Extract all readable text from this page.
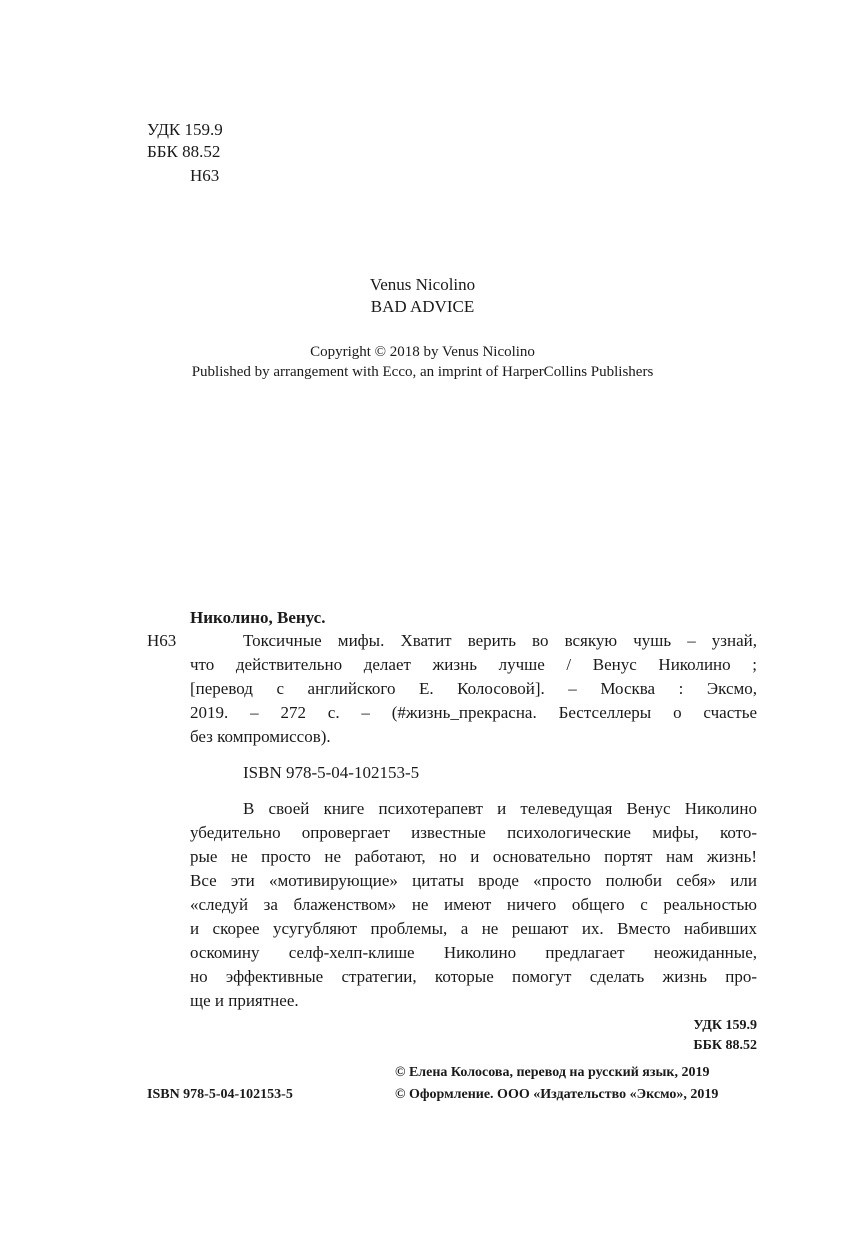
УДК 159.9
ББК 88.52
Н63
Venus Nicolino
BAD ADVICE
Copyright © 2018 by Venus Nicolino
Published by arrangement with Ecco, an imprint of HarperCollins Publishers
Николино, Венус.
Н63	Токсичные мифы. Хватит верить во всякую чушь – узнай,
что действительно делает жизнь лучше / Венус Николино ;
[перевод с английского Е. Колосовой]. – Москва : Эксмо,
2019. – 272 с. – (#жизнь_прекрасна. Бестселлеры о счастье
без компромиссов).
ISBN 978-5-04-102153-5
В своей книге психотерапевт и телеведущая Венус Николино
убедительно опровергает известные психологические мифы, кото-
рые не просто не работают, но и основательно портят нам жизнь!
Все эти «мотивирующие» цитаты вроде «просто полюби себя» или
«следуй за блаженством» не имеют ничего общего с реальностью
и скорее усугубляют проблемы, а не решают их. Вместо набивших
оскомину селф-хелп-клише Николино предлагает неожиданные,
но эффективные стратегии, которые помогут сделать жизнь про-
ще и приятнее.
УДК 159.9
ББК 88.52
© Елена Колосова, перевод на русский язык, 2019
ISBN 978-5-04-102153-5	© Оформление. ООО «Издательство «Эксмо», 2019
